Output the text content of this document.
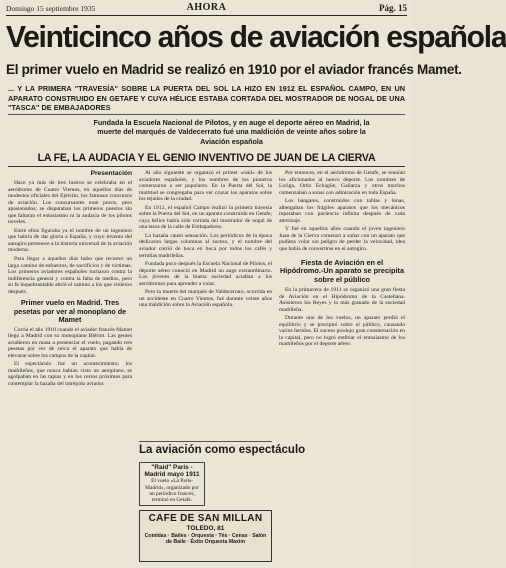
Domingo 15 septiembre 1935	AHORA	Pág. 15
Veinticinco años de aviación española
El primer vuelo en Madrid se realizó en 1910 por el aviador francés Mamet.
... Y LA PRIMERA "TRAVESÍA" SOBRE LA PUERTA DEL SOL LA HIZO EN 1912 EL ESPAÑOL CAMPO, EN UN APARATO CONSTRUIDO EN GETAFE Y CUYA HÉLICE ESTABA CORTADA DEL MOSTRADOR DE NOGAL DE UNA "TASCA" DE EMBAJADORES
Fundada la Escuela Nacional de Pilotos, y en auge el deporte aéreo en Madrid, la muerte del marqués de Valdecerrato fué una maldición de veinte años sobre la Aviación española
LA FE, LA AUDACIA Y EL GENIO INVENTIVO DE JUAN DE LA CIERVA
Presentación

Hace ya más de tres lustros se celebraba en el aeródromo de Cuatro Vientos, en aquellos días de modestos oficiales del Ejército, los famosos concursos de aviación. Los concursantes eran pocos, pero apasionados; se disputaban los primeros puestos sin que faltaran el entusiasmo ni la audacia de los pilotos noveles.

Entre ellos figuraba ya el nombre de un ingeniero que habría de dar gloria a España, y cuyo invento del autogiro pertenece a la historia universal de la aviación moderna.

Para llegar a aquellos días hubo que recorrer un largo camino de esfuerzos, de sacrificios y de víctimas. Los primeros aviadores españoles lucharon contra la indiferencia general y contra la falta de medios, pero su fe inquebrantable abrió el camino a los que vinieron después.

Primer vuelo en Madrid. Tres pesetas por ver al monoplano de Mamet

Corría el año 1910 cuando el aviador francés Mamet llegó a Madrid con su monoplano Blériot. Las gentes acudieron en masa a presenciar el vuelo, pagando tres pesetas por ver de cerca el aparato que había de elevarse sobre los campos de la capital.

El espectáculo fué un acontecimiento; los madrileños, que nunca habían visto un aeroplano, se agolpaban en las tapias y en los cerros próximos para contemplar la hazaña del intrépido aviador.

Al año siguiente se organizó el primer «raid» de los aviadores españoles, y los nombres de los pioneros comenzaron a ser populares. En la Puerta del Sol, la multitud se congregaba para ver cruzar los aparatos sobre los tejados de la ciudad.

En 1912, el español Campo realizó la primera travesía sobre la Puerta del Sol, en un aparato construido en Getafe, cuya hélice había sido cortada del mostrador de nogal de una tasca de la calle de Embajadores.

La hazaña causó sensación. Los periódicos de la época dedicaron largas columnas al suceso, y el nombre del aviador corrió de boca en boca por todos los cafés y tertulias madrileñas.

Fundada poco después la Escuela Nacional de Pilotos, el deporte aéreo conoció en Madrid un auge extraordinario. Los jóvenes de la buena sociedad acudían a los aeródromos para aprender a volar.

Pero la muerte del marqués de Valdecerrato, ocurrida en un accidente en Cuatro Vientos, fué durante veinte años una maldición sobre la Aviación española.

La aviación como espectáculo
"Raid" París - Madrid mayo 1911
El vuelo «La Paris-Madrid», organizado por un periódico francés, terminó en Getafe.
CAFE DE SAN MILLAN
TOLEDO, 81
Comidas · Bailes · Orquesta · Tés · Cenas · Salón de Baile · Éxito Orquesta Maxim

Por entonces, en el aeródromo de Getafe, se reunían los aficionados al nuevo deporte. Los nombres de Loriga, Ortiz Echagüe, Gallarza y otros muchos comenzaban a sonar con admiración en toda España.

Los hangares, construidos con tablas y lonas, albergaban los frágiles aparatos que los mecánicos reparaban con paciencia infinita después de cada aterrizaje.

Y fué en aquellos años cuando el joven ingeniero Juan de la Cierva comenzó a soñar con un aparato que pudiera volar sin peligro de perder la velocidad, idea que había de convertirse en el autogiro.

Fiesta de Aviación en el Hipódromo.-Un aparato se precipita sobre el público

En la primavera de 1911 se organizó una gran fiesta de Aviación en el Hipódromo de la Castellana. Asistieron los Reyes y lo más granado de la sociedad madrileña.

Durante uno de los vuelos, un aparato perdió el equilibrio y se precipitó sobre el público, causando varios heridos. El suceso produjo gran consternación en la capital, pero no logró entibiar el entusiasmo de los madrileños por el deporte aéreo.
